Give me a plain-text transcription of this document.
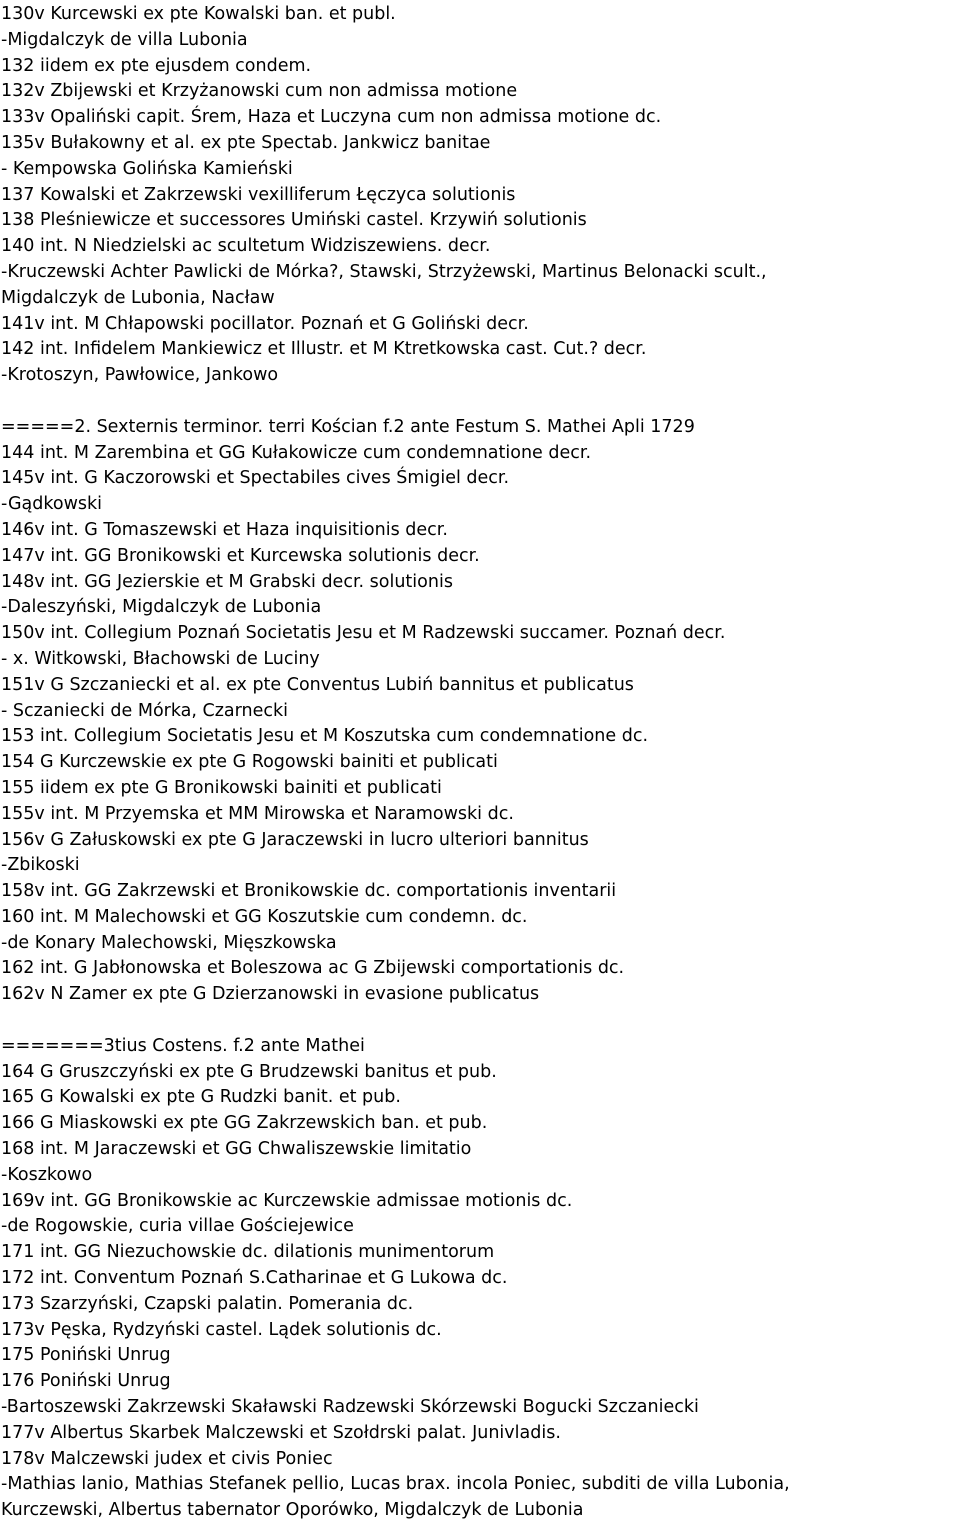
130v Kurcewski ex pte Kowalski ban. et publ.
-Migdalczyk de villa Lubonia
132 iidem ex pte ejusdem condem.
132v Zbijewski et Krzyżanowski cum non admissa motione
133v Opaliński capit. Śrem, Haza et Luczyna cum non admissa motione dc.
135v Bułakowny et al. ex pte Spectab. Jankwicz banitae
- Kempowska Golińska Kamieński
137 Kowalski et Zakrzewski vexilliferum Łęczyca solutionis
138 Pleśniewicze et successores Umiński castel. Krzywiń solutionis
140 int. N Niedzielski ac scultetum Widziszewiens. decr.
-Kruczewski Achter Pawlicki de Mórka?, Stawski, Strzyżewski, Martinus Belonacki scult.,
Migdalczyk de Lubonia, Nacław
141v int. M Chłapowski pocillator. Poznań et G Goliński decr.
142 int. Infidelem Mankiewicz et Illustr. et M Ktretkowska cast. Cut.? decr.
-Krotoszyn, Pawłowice, Jankowo
=====2. Sexternis terminor. terri Kościan f.2 ante Festum S. Mathei Apli 1729
144 int. M Zarembina et GG Kułakowicze cum condemnatione decr.
145v int. G Kaczorowski et Spectabiles cives Śmigiel decr.
-Gądkowski
146v int. G Tomaszewski et Haza inquisitionis decr.
147v int. GG Bronikowski et Kurcewska solutionis decr.
148v int. GG Jezierskie et M Grabski decr. solutionis
-Daleszyński, Migdalczyk de Lubonia
150v int. Collegium Poznań Societatis Jesu et M Radzewski succamer. Poznań decr.
- x. Witkowski, Błachowski de Luciny
151v G Szczaniecki et al. ex pte Conventus Lubiń bannitus et publicatus
- Sczaniecki de Mórka, Czarnecki
153 int. Collegium Societatis Jesu et M Koszutska cum condemnatione dc.
154 G Kurczewskie ex pte G Rogowski bainiti et publicati
155 iidem ex pte G Bronikowski bainiti et publicati
155v int. M Przyemska et MM Mirowska et Naramowski dc.
156v G Załuskowski ex pte G Jaraczewski in lucro ulteriori bannitus
-Zbikoski
158v int. GG Zakrzewski et Bronikowskie dc. comportationis inventarii
160 int. M Malechowski et GG Koszutskie cum condemn. dc.
-de Konary Malechowski, Mięszkowska
162 int. G Jabłonowska et Boleszowa ac G Zbijewski comportationis dc.
162v N Zamer ex pte G Dzierzanowski in evasione publicatus
=======3tius Costens. f.2 ante Mathei
164 G Gruszczyński ex pte G Brudzewski banitus et pub.
165 G Kowalski ex pte G Rudzki banit. et pub.
166 G Miaskowski ex pte GG Zakrzewskich ban. et pub.
168 int. M Jaraczewski et GG Chwaliszewskie limitatio
-Koszkowo
169v int. GG Bronikowskie ac Kurczewskie admissae motionis dc.
-de Rogowskie, curia villae Gościejewice
171 int. GG Niezuchowskie dc. dilationis munimentorum
172 int. Conventum Poznań S.Catharinae et G Lukowa dc.
173 Szarzyński, Czapski palatin. Pomerania dc.
173v Pęska, Rydzyński castel. Lądek solutionis dc.
175 Poniński Unrug
176 Poniński Unrug
-Bartoszewski Zakrzewski Skaławski Radzewski Skórzewski Bogucki Szczaniecki
177v Albertus Skarbek Malczewski et Szołdrski palat. Junivladis.
178v Malczewski judex et civis Poniec
-Mathias lanio, Mathias Stefanek pellio, Lucas brax. incola Poniec, subditi de villa Lubonia,
Kurczewski, Albertus tabernator Oporówko, Migdalczyk de Lubonia
